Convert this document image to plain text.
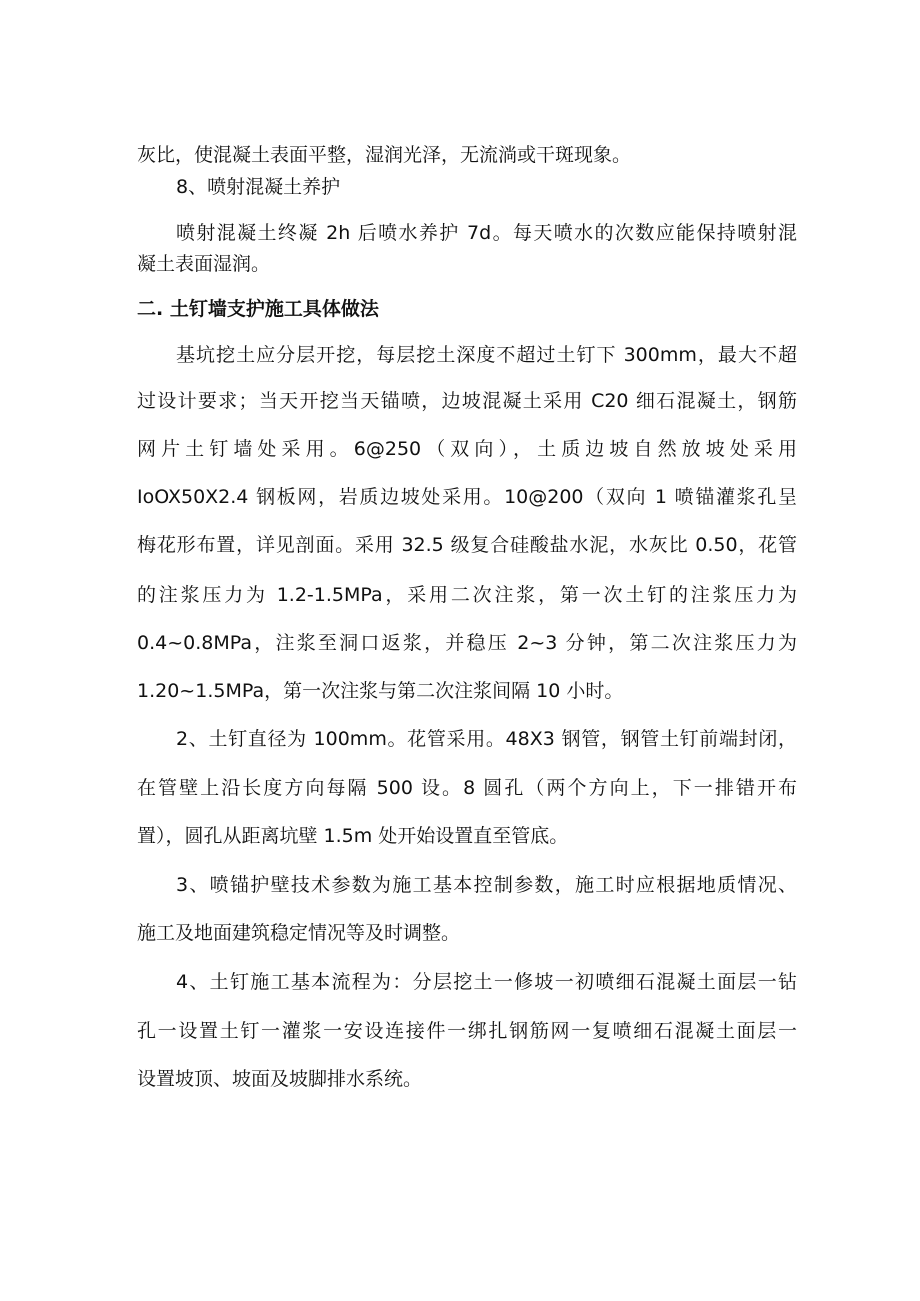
灰比，使混凝土表面平整，湿润光泽，无流淌或干斑现象。
8、喷射混凝土养护
喷射混凝土终凝 2h 后喷水养护 7d。每天喷水的次数应能保持喷射混
凝土表面湿润。
二. 土钉墙支护施工具体做法
基坑挖土应分层开挖，每层挖土深度不超过土钉下 300mm，最大不超
过设计要求；当天开挖当天锚喷，边坡混凝土采用 C20 细石混凝土，钢筋
网片土钉墙处采用。6@250（双向），土质边坡自然放坡处采用
IoOX50X2.4 钢板网，岩质边坡处采用。10@200（双向 1 喷锚灌浆孔呈
梅花形布置，详见剖面。采用 32.5 级复合硅酸盐水泥，水灰比 0.50，花管
的注浆压力为 1.2-1.5MPa，采用二次注浆，第一次土钉的注浆压力为
0.4~0.8MPa，注浆至洞口返浆，并稳压 2~3 分钟，第二次注浆压力为
1.20~1.5MPa，第一次注浆与第二次注浆间隔 10 小时。
2、土钉直径为 100mm。花管采用。48X3 钢管，钢管土钉前端封闭，
在管壁上沿长度方向每隔 500 设。8 圆孔（两个方向上，下一排错开布
置），圆孔从距离坑壁 1.5m 处开始设置直至管底。
3、喷锚护壁技术参数为施工基本控制参数，施工时应根据地质情况、
施工及地面建筑稳定情况等及时调整。
4、土钉施工基本流程为：分层挖土一修坡一初喷细石混凝土面层一钻
孔一设置土钉一灌浆一安设连接件一绑扎钢筋网一复喷细石混凝土面层一
设置坡顶、坡面及坡脚排水系统。
